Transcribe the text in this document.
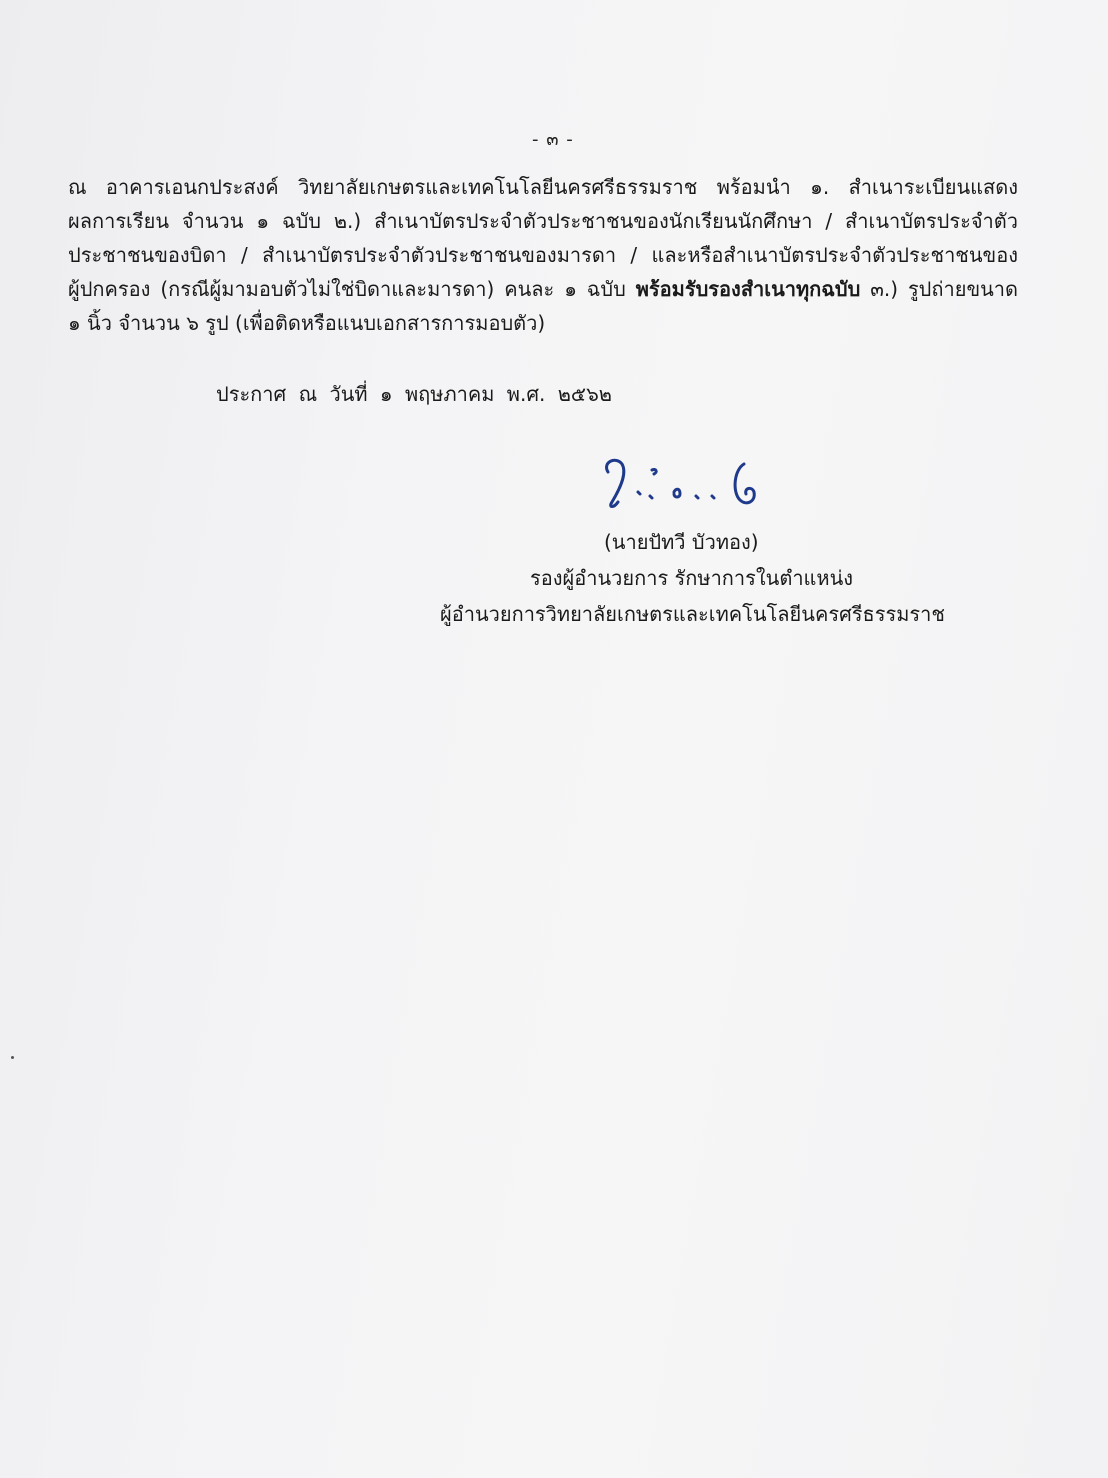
- ๓ -
ณ อาคารเอนกประสงค์ วิทยาลัยเกษตรและเทคโนโลยีนครศรีธรรมราช พร้อมนำ ๑. สำเนาระเบียนแสดง
ผลการเรียน จำนวน ๑ ฉบับ ๒.) สำเนาบัตรประจำตัวประชาชนของนักเรียนนักศึกษา / สำเนาบัตรประจำตัว
ประชาชนของบิดา / สำเนาบัตรประจำตัวประชาชนของมารดา / และหรือสำเนาบัตรประจำตัวประชาชนของ
ผู้ปกครอง (กรณีผู้มามอบตัวไม่ใช่บิดาและมารดา) คนละ ๑ ฉบับ พร้อมรับรองสำเนาทุกฉบับ ๓.) รูปถ่ายขนาด
๑ นิ้ว จำนวน ๖ รูป (เพื่อติดหรือแนบเอกสารการมอบตัว)
ประกาศ ณ วันที่ ๑ พฤษภาคม พ.ศ. ๒๕๖๒
(นายปัทวี บัวทอง)
รองผู้อำนวยการ รักษาการในตำแหน่ง
ผู้อำนวยการวิทยาลัยเกษตรและเทคโนโลยีนครศรีธรรมราช
